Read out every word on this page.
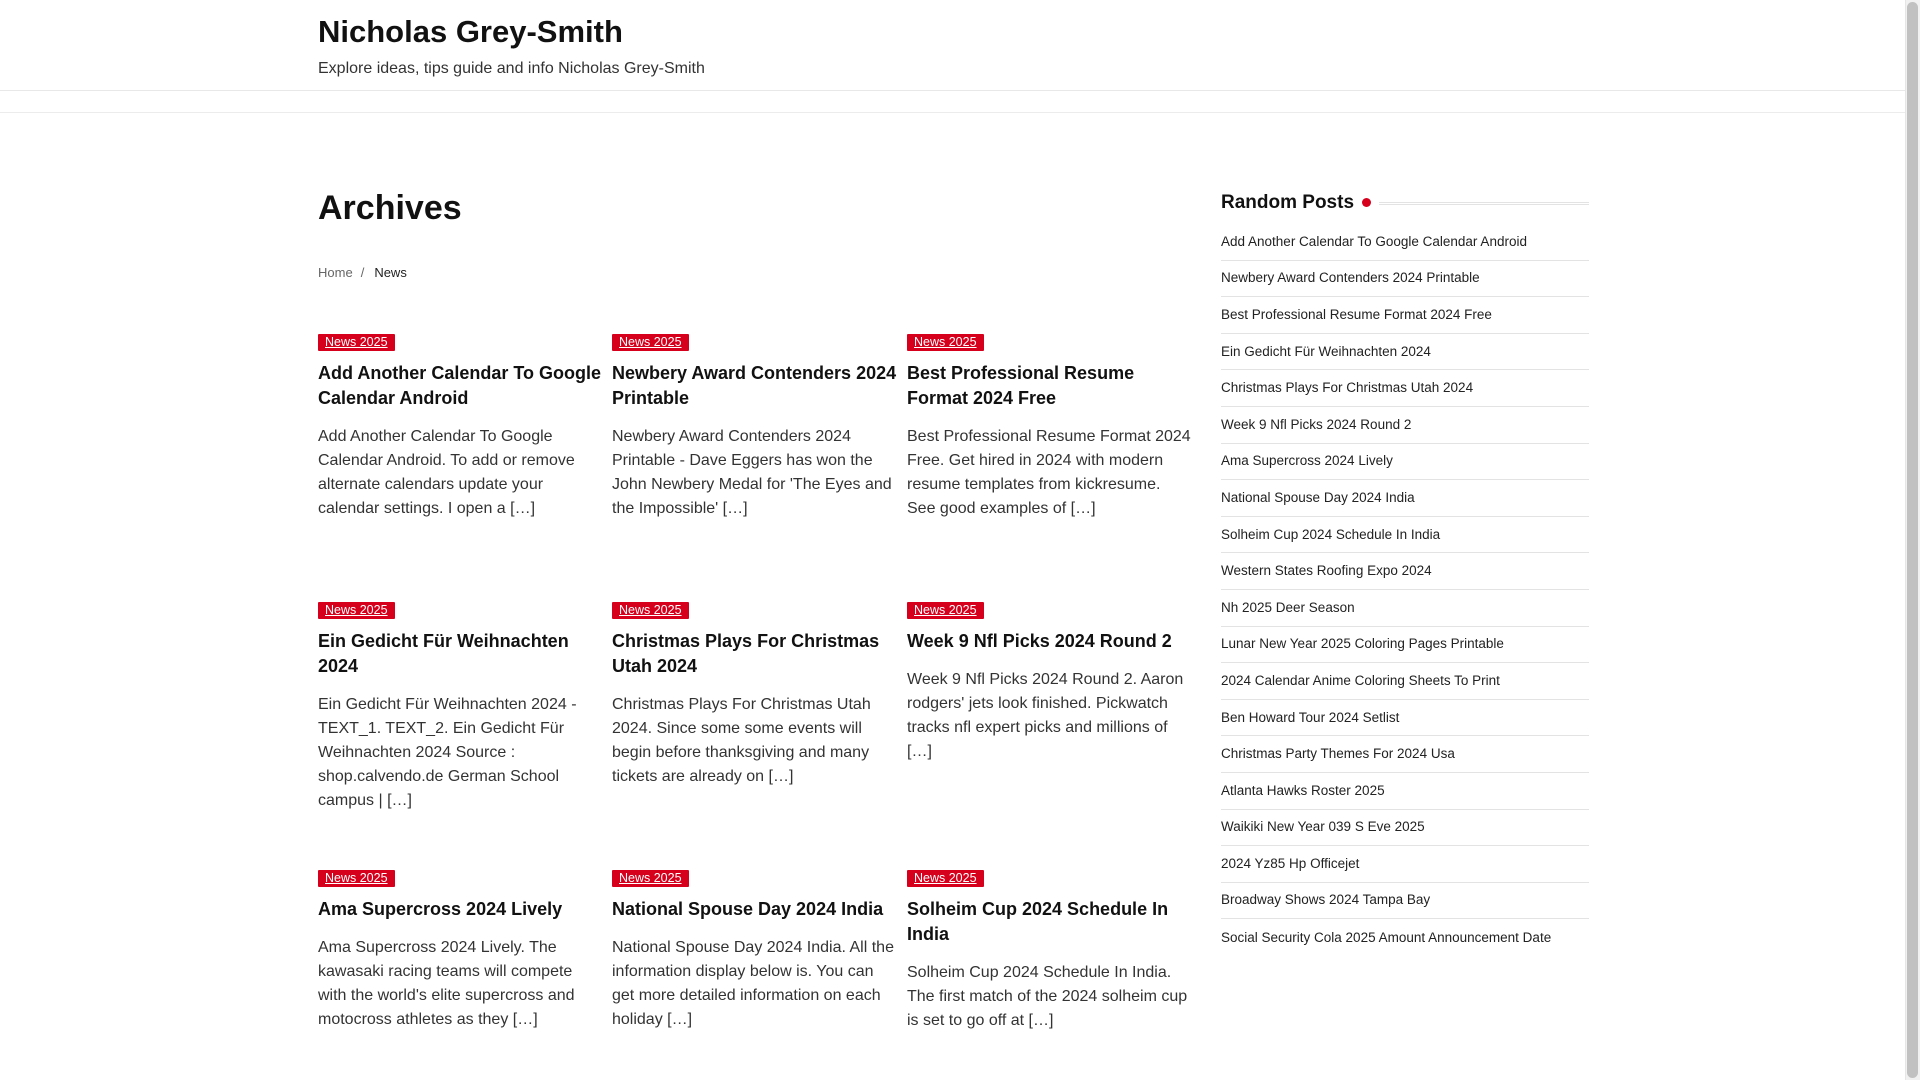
Nicholas Grey-Smith

Explore ideas, tips guide and info Nicholas Grey-Smith

Archives
Home / News
News 2025
Add Another Calendar To Google Calendar Android

Add Another Calendar To Google Calendar Android. To add or remove alternate calendars update your calendar settings. I open a […]

News 2025
Newbery Award Contenders 2024 Printable

Newbery Award Contenders 2024 Printable - Dave Eggers has won the John Newbery Medal for 'The Eyes and the Impossible' […]

News 2025
Best Professional Resume Format 2024 Free

Best Professional Resume Format 2024 Free. Get hired in 2024 with modern resume templates from kickresume. See good examples of […]

News 2025
Ein Gedicht Für Weihnachten 2024

Ein Gedicht Für Weihnachten 2024 - TEXT_1. TEXT_2. Ein Gedicht Für Weihnachten 2024 Source : shop.calvendo.de German School campus | […]

News 2025
Christmas Plays For Christmas Utah 2024

Christmas Plays For Christmas Utah 2024. Since some some events will begin before thanksgiving and many tickets are already on […]

News 2025
Week 9 Nfl Picks 2024 Round 2

Week 9 Nfl Picks 2024 Round 2. Aaron rodgers' jets look finished. Pickwatch tracks nfl expert picks and millions of […]

News 2025
Ama Supercross 2024 Lively

Ama Supercross 2024 Lively. The kawasaki racing teams will compete with the world's elite supercross and motocross athletes as they […]

News 2025
National Spouse Day 2024 India

National Spouse Day 2024 India. All the information display below is. You can get more detailed information on each holiday […]

News 2025
Solheim Cup 2024 Schedule In India

Solheim Cup 2024 Schedule In India. The first match of the 2024 solheim cup is set to go off at […]

Random Posts
Add Another Calendar To Google Calendar Android
Newbery Award Contenders 2024 Printable
Best Professional Resume Format 2024 Free
Ein Gedicht Für Weihnachten 2024
Christmas Plays For Christmas Utah 2024
Week 9 Nfl Picks 2024 Round 2
Ama Supercross 2024 Lively
National Spouse Day 2024 India
Solheim Cup 2024 Schedule In India
Western States Roofing Expo 2024
Nh 2025 Deer Season
Lunar New Year 2025 Coloring Pages Printable
2024 Calendar Anime Coloring Sheets To Print
Ben Howard Tour 2024 Setlist
Christmas Party Themes For 2024 Usa
Atlanta Hawks Roster 2025
Waikiki New Year 039 S Eve 2025
2024 Yz85 Hp Officejet
Broadway Shows 2024 Tampa Bay
Social Security Cola 2025 Amount Announcement Date
